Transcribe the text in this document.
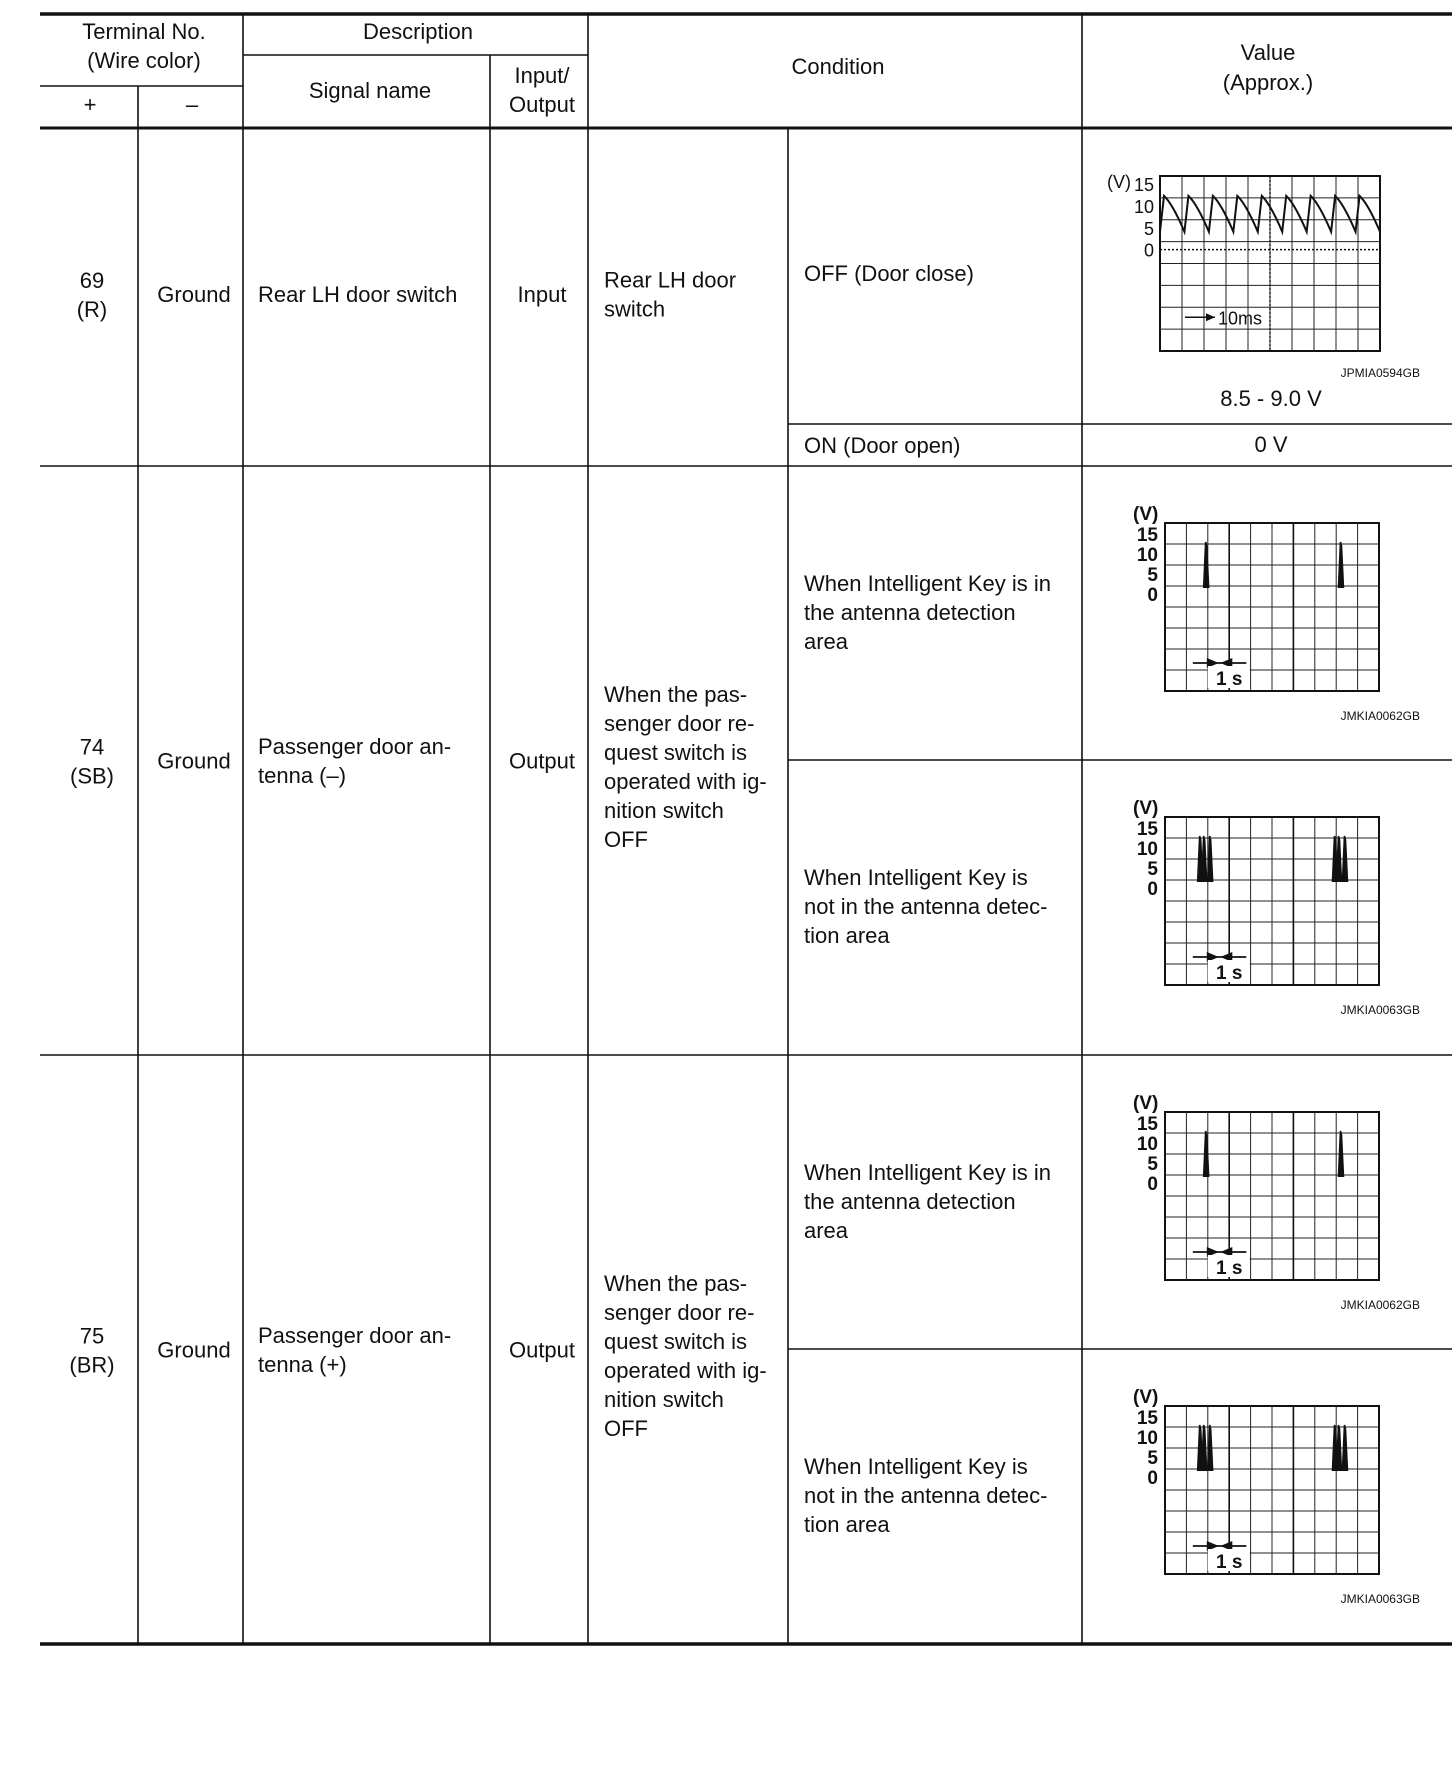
Terminal No.
(Wire color)
+	–
Description
Signal name
Input/
Output
Condition
Value
(Approx.)
69
(R)
Ground Rear LH door switch	Input
Rear LH door
switch
74
(SB)
Ground
Passenger door an-
tenna (–)
Output
When the pas-
senger door re-
quest switch is
operated with ig-
nition switch
OFF
75
(BR)
Ground
Passenger door an-
tenna (+)
Output
When the pas-
senger door re-
quest switch is
operated with ig-
nition switch
OFF
OFF (Door close)
ON (Door open)
When Intelligent Key is in
the antenna detection
area
When Intelligent Key is
not in the antenna detec-
tion area
When Intelligent Key is in
the antenna detection
area
When Intelligent Key is
not in the antenna detec-
tion area
8.5 - 9.0 V
0 V
(V) 15
10
5
0
10ms
JPMIA0594GB
(V)
15
10
5
0
1 s
JMKIA0062GB
(V)
15
10
5
0
1 s
JMKIA0063GB
(V)
15
10
5
0
1 s
JMKIA0062GB
(V)
15
10
5
0
1 s
JMKIA0063GB
